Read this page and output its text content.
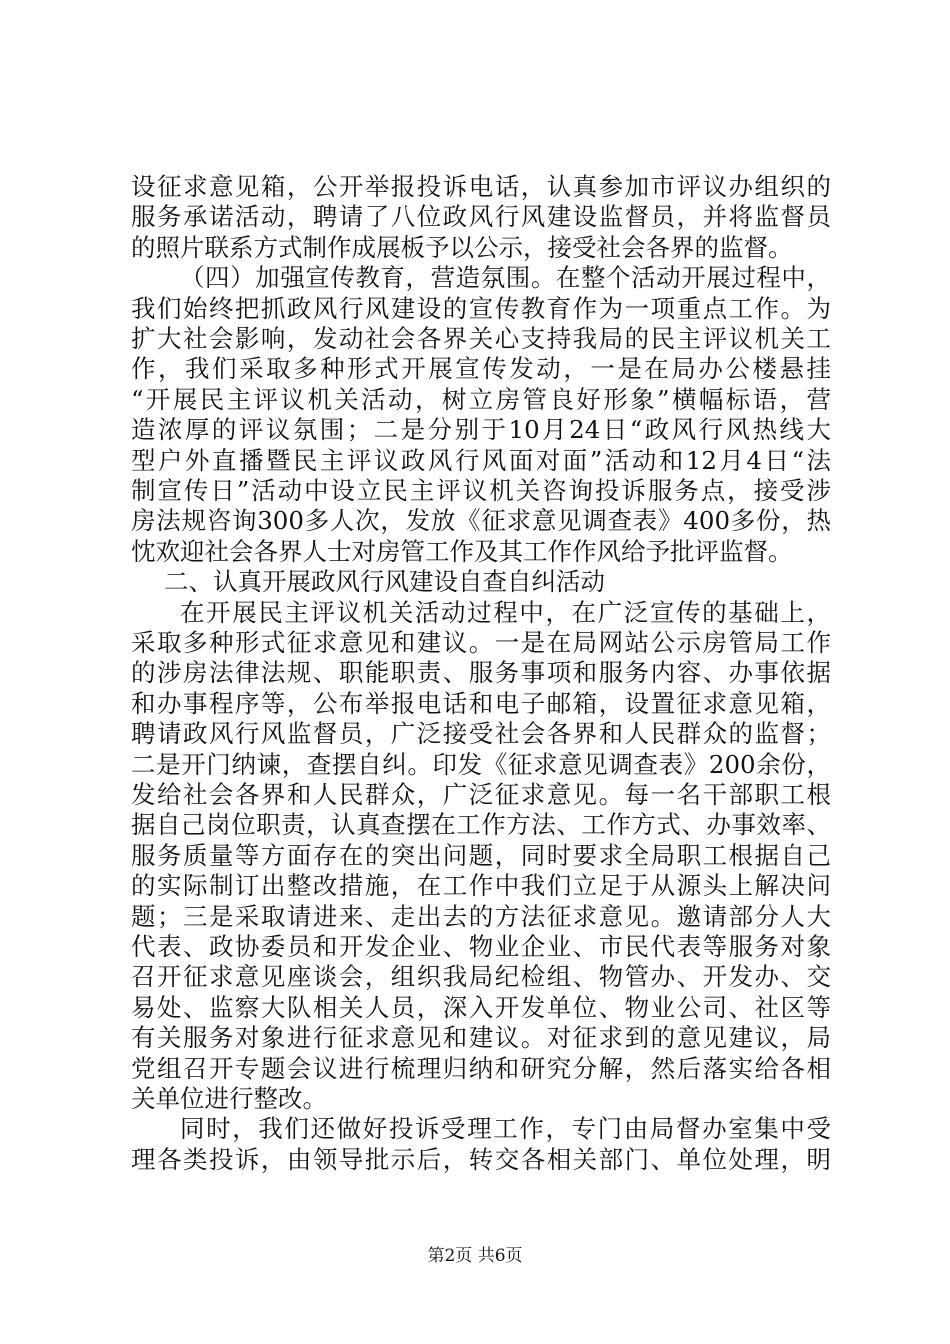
设征求意见箱，公开举报投诉电话，认真参加市评议办组织的
服务承诺活动，聘请了八位政风行风建设监督员，并将监督员
的照片联系方式制作成展板予以公示，接受社会各界的监督。
（四）加强宣传教育，营造氛围。在整个活动开展过程中，
我们始终把抓政风行风建设的宣传教育作为一项重点工作。为
扩大社会影响，发动社会各界关心支持我局的民主评议机关工
作，我们采取多种形式开展宣传发动，一是在局办公楼悬挂
“开展民主评议机关活动，树立房管良好形象”横幅标语，营
造浓厚的评议氛围；二是分别于10月24日“政风行风热线大
型户外直播暨民主评议政风行风面对面”活动和12月4日“法
制宣传日”活动中设立民主评议机关咨询投诉服务点，接受涉
房法规咨询300多人次，发放《征求意见调查表》400多份，热
忱欢迎社会各界人士对房管工作及其工作作风给予批评监督。
二、认真开展政风行风建设自查自纠活动
在开展民主评议机关活动过程中，在广泛宣传的基础上，
采取多种形式征求意见和建议。一是在局网站公示房管局工作
的涉房法律法规、职能职责、服务事项和服务内容、办事依据
和办事程序等，公布举报电话和电子邮箱，设置征求意见箱，
聘请政风行风监督员，广泛接受社会各界和人民群众的监督；
二是开门纳谏，查摆自纠。印发《征求意见调查表》200余份，
发给社会各界和人民群众，广泛征求意见。每一名干部职工根
据自己岗位职责，认真查摆在工作方法、工作方式、办事效率、
服务质量等方面存在的突出问题，同时要求全局职工根据自己
的实际制订出整改措施，在工作中我们立足于从源头上解决问
题；三是采取请进来、走出去的方法征求意见。邀请部分人大
代表、政协委员和开发企业、物业企业、市民代表等服务对象
召开征求意见座谈会，组织我局纪检组、物管办、开发办、交
易处、监察大队相关人员，深入开发单位、物业公司、社区等
有关服务对象进行征求意见和建议。对征求到的意见建议，局
党组召开专题会议进行梳理归纳和研究分解，然后落实给各相
关单位进行整改。
同时，我们还做好投诉受理工作，专门由局督办室集中受
理各类投诉，由领导批示后，转交各相关部门、单位处理，明
第2页 共6页
